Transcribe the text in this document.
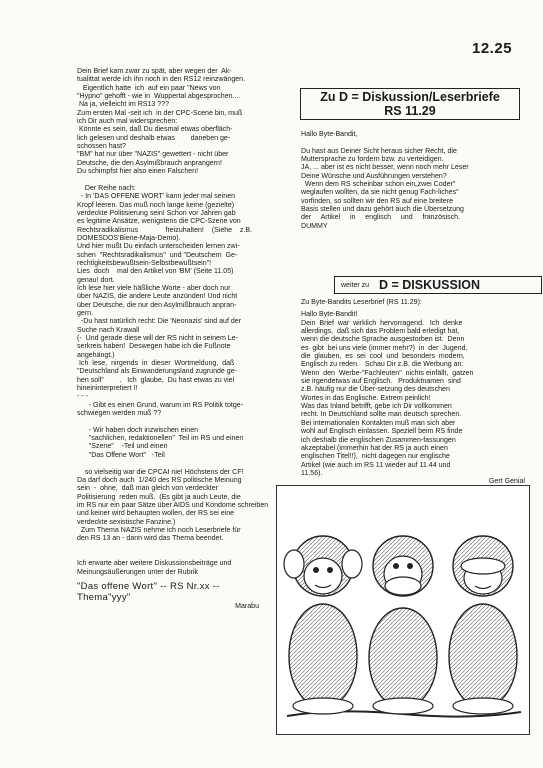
12.25

Dein Brief kam zwar zu spät, aber wegen der  Ak-

tualittat werde ich ihn noch in den RS12 reinzwängen.

Eigentlich hatte  ich  auf ein paar "News von

"Hypno" gehofft - wie in  Wuppertal abgesprochen....

Na ja, vielleicht im RS13 ???

Zum ersten Mal -seit ich  in der CPC-Scene bin, muß

ich Dir auch mal widersprechen:

Könnte es sein, daß Du diesmal etwas oberfläch-

lich gelesen und deshalb etwas        daneben ge-

schossen hast?

"BM" hat nur über "NAZIS" gewettert - nicht über

Deutsche, die den Asylmißbrauch anprangern!

Du schimpfst hier also einen Falschen!

Der Reihe nach:

- In 'DAS OFFENE WORT' kann jeder mal seinen

Kropf leeren. Das muß noch lange keine (gezielte)

verdeckte Politisierung sein! Schon vor Jahren gab

es legitime Ansätze, wenigstens die CPC-Szene von

Rechtsradikalismus              freizuhalten!    (Siehe    z.B.

DOMESDOS'Biene-Maja-Demo).

Und hier mußt Du einfach unterscheiden lernen zwi-

schen  "Rechtsradikalismus"  und "Deutschem  Ge-

rechtigkeitsbewußtsein-Selbstbewußtsein"!

Lies  doch    mal den Artikel von 'BM' (Seite 11.05)

genau! dort.

Ich lese hier viele häßliche Worte - aber doch nur

über NAZIS, die andere Leute anzünden! Und nicht

über Deutsche, die nur den Asylmißbrauch anpran-

gern.

-Du hast natürlich recht: Die 'Neonazis' sind auf der

Suche nach Krawall

(-  Und gerade diese will der RS nicht in seinem Le-

serkreis haben!  Deswegen habe ich die Fußnote

angehängt.)

Ich  lese,  nirgends  in  dieser  Wortmeldung,  daß

"Deutschland als Einwanderungsland zugrunde ge-

hen soll"        .   Ich  glaube,  Du hast etwas zu viel

hineininterpretiert !!

- - -

- Gibt es einen Grund, warum im RS Politik totge-

schwiegen werden muß ??

- Wir haben doch inzwischen einen

"sachlichen, redaktionellen"  Teil im RS und einen

"Szene"    -Teil und einen

"Das Offene Wort"   -Teil

so vielseitig war die CPCAI nie! Höchstens der CF!

Da darf doch auch  1/240 des RS politische Meinung

sein  -  ohne,  daß man gleich von verdeckter

Politisierung  reden muß.  (Es gibt ja auch Leute, die

im RS nur ein paar Sätze über AIDS und Kondome schreiben

und keiner wird behaupten wollen, der RS sei eine

verdeckte sexistische Fanzine.)

Zum Thema NAZIS nehme ich noch Leserbriefe für

den RS 13 an - dann wird das Thema beendet.

Ich erwarte aber weitere Diskussionsbeiträge und

Meinungsäußerungen unter der Rubrik

"Das offene Wort" -- RS Nr.xx --
Thema"yyy"
Marabu
Zu D = Diskussion/Leserbriefe
RS 11.29

Hallo Byte-Bandit,

Du hast aus Deiner Sicht heraus sicher Recht, die

Muttersprache zu fordern bzw. zu verteidigen.

JA, ... aber ist es nicht besser, wenn noch mehr Leser

Deine Wünsche und Ausführungen verstehen?

Wenn dem RS scheinbar schon ein„zwei Coder"

weglaufen wollten, da sie nicht genug Fach-liches"

vorfinden, so sollten wir den RS auf eine breitere

Basis stellen und dazu gehört auch die Übersetzung

der     Artikel     in     englisch     und     französisch.

DUMMY

weiter zu D = DISKUSSION
Zu Byte-Bandits Leserbrief (RS 11.29):

Hallo Byte-Bandit!

Dein  Brief  war  wirklich  hervorragend.   Ich  denke

allerdings,  daß sich das Problem bald erledigt hat,

wenn die deutsche Sprache ausgestorben ist.  Denn

es  gibt  bei uns viele (immer mehr?)  in  der  Jugend,

die  glauben,  es  sei  cool  und  besonders  modern,

Englisch zu reden.   Schau Dir z.B. die Werbung an:

Wenn  den  Werbe-"Fachleuten"  nichts einfällt,  gatzen

sie irgendetwas auf Englisch.   Produktnamen  sind

z.B. häufig nur die Über-setzung des deutschen

Wortes in das Englische. Extrem peinlich!

Was das Inland betrifft, gebe ich Dir vollkommen

recht. In Deutschland sollte man deutsch sprechen.

Bei internationalen Kontakten muß man sich aber

wohl auf Englisch einlassen. Speziell beim RS finde

ich deshalb die englischen Zusammen-fassungen

akzeptabel (immerhin hat der RS ja auch einen

englischen Titel!!),  nicht dagegen nur englische

Artikel (wie auch im RS 11 wieder auf 11.44 und

11.56).

Gert Genial
